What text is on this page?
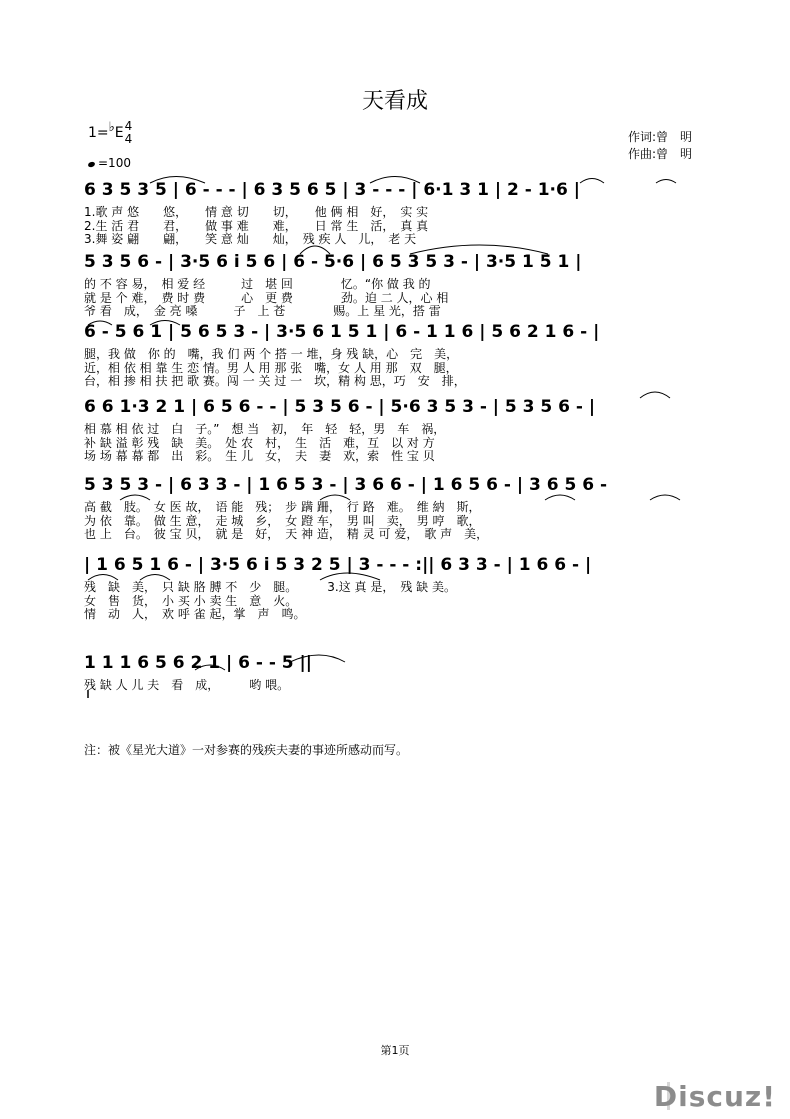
天看成
1=♭E4
4
=100
作词:曾　明
作曲:曾　明
6 3 5 3 5 | 6 - - - | 6 3 5 6 5 | 3 - - - | 6·1 3 1 | 2 - 1·6 |
1.歌 声 悠　　悠，　　情 意 切　　切，　　他 俩 相　好，　实 实
2.生 活 君　　君，　　做 事 难　　难，　　日 常 生　活，　真 真
3.舞 姿 翩　　翩，　　笑 意 灿　　灿，　残 疾 人　儿，　老 天
5 3 5 6 - | 3·5 6 i 5 6 | 6 - 5·6 | 6 5 3 5 3 - | 3·5 1 5 1 |
的 不 容 易，　相 爱 经　　　过　堪 回　　　　忆。“你 做 我 的
就 是 个 难，　费 时 费　　　心　更 费　　　　劲。迫 二 人，心 相
爷 看　成，　金 亮 嗓　　　子　上 苍　　　　赐。上 星 光，搭 雷
6 - 5 6 1 | 5 6 5 3 - | 3·5 6 1 5 1 | 6 - 1 1 6 | 5 6 2 1 6 - |
腿，我 做　你 的　嘴，我 们 两 个 搭 一 堆，身 残 缺，心　完　美，
近，相 依 相 靠 生 恋 情。男 人 用 那 张　嘴，女 人 用 那　双　腿，
台，相 掺 相 扶 把 歌 赛。闯 一 关 过 一　坎，精 构 思，巧　安　排，
6 6 1·3 2 1 | 6 5 6 - - | 5 3 5 6 - | 5·6 3 5 3 - | 5 3 5 6 - |
相 慕 相 依 过　白　子。”　想 当　初，　年　轻　轻，男　车　祸，
补 缺 溢 彰 残　缺　美。　处 农　村，　生　活　难，互　以 对 方
场 场 幕 幕 都　出　彩。　生 儿　女，　夫　妻　欢，索　性 宝 贝
5 3 5 3 - | 6 3 3 - | 1 6 5 3 - | 3 6 6 - | 1 6 5 6 - | 3 6 5 6 -
高 截　肢。　女 医 故，　语 能　残；　步 蹒 跚，　行 路　难。　维 納　斯，
为 依　靠。　做 生 意，　走 城　乡，　女 蹬 车，　男 叫　卖，　男 哼　歌，
也 上　台。　彼 宝 贝，　就 是　好，　天 神 造，　精 灵 可 爱，　歌 声　美，
| 1 6 5 1 6 - | 3·5 6 i 5 3 2 5 | 3 - - - :|| 6 3 3 - | 1 6 6 - |
残　缺　美，　只 缺 胳 膊 不　少　腿。　　　3.这 真 是，　残 缺 美。
女　售　货，　小 买 小 卖 生　意　火。
情　动　人，　欢 呼 雀 起，掌　声　鸣。
1 1 1 6 5 6 2 1 | 6 - - 5 ||
残 缺 人 儿 夫　看　成，　　　哟 喂。
注：被《星光大道》一对参赛的残疾夫妻的事迹所感动而写。
第1页
Discuz!
